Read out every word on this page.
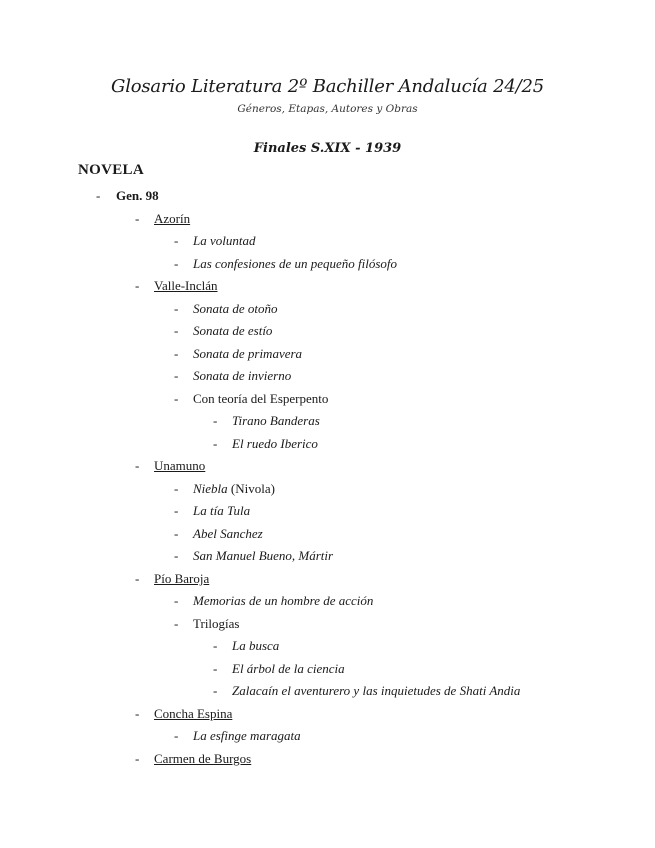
Glosario Literatura 2º Bachiller Andalucía 24/25
Géneros, Etapas, Autores y Obras
Finales S.XIX - 1939
NOVELA
- Gen. 98
- Azorín
- La voluntad
- Las confesiones de un pequeño filósofo
- Valle-Inclán
- Sonata de otoño
- Sonata de estío
- Sonata de primavera
- Sonata de invierno
- Con teoría del Esperpento
- Tirano Banderas
- El ruedo Iberico
- Unamuno
- Niebla (Nivola)
- La tía Tula
- Abel Sanchez
- San Manuel Bueno, Mártir
- Pío Baroja
- Memorias de un hombre de acción
- Trilogías
- La busca
- El árbol de la ciencia
- Zalacaín el aventurero y las inquietudes de Shati Andia
- Concha Espina
- La esfinge maragata
- Carmen de Burgos
